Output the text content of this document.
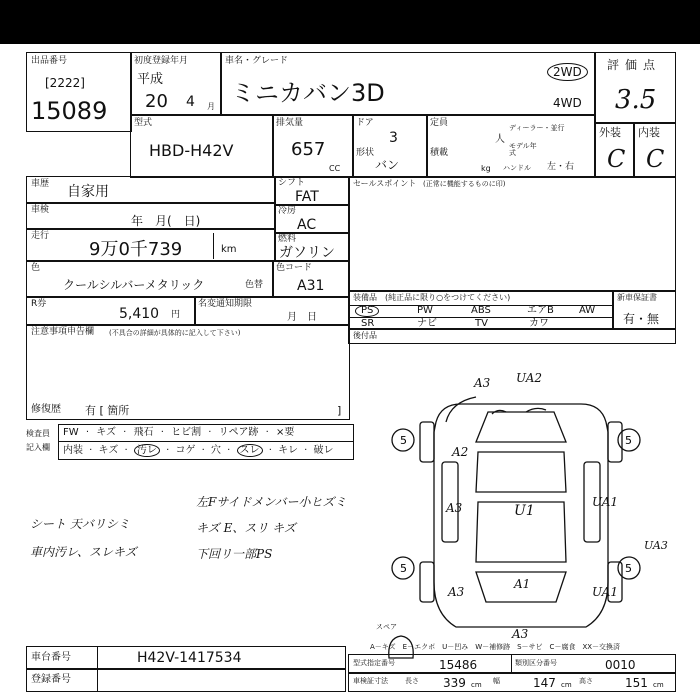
出品番号
[2222]
15089
初度登録年月
平成
20 4 月
車名・グレード
ミニカバン3D
2WD
4WD
評価点
3.5
型式
HBD-H42V
排気量
657
CC
ドア
3
形状
バン
定員
人
ディーラー・並行
積載
モデル年式
kg ハンドル 左・右
外装
C
内装
C
車歴 自家用
車検
年　月(　日)
走行
9万0千739	km
シフト
FAT
冷房
AC
燃料
ガソリン
色
クールシルバーメタリック	色替
色コード
A31
R券
5,410 円
名変通知期限
月　日
注意事項申告欄 (不具合の詳細が具体的に記入して下さい)
修復歴 有 [ 箇所	]
検査員
記入欄
FW · キズ · 飛石 · ヒビ割 · リペア跡 · ×要
内装 · キズ · 汚レ · コゲ · 穴 · スレ · キレ · 破レ
左Fサイドメンバー小ヒズミ
キズ E、スリ キズ
下回リ一部PS
シート 天バリシミ
車内汚レ、スレキズ
セールスポイント (正常に機能するものに印)
装備品 (純正品に限り○をつけてください)
PS	PW	ABS	エアB	AW
SR	ナビ	TV	カワ
新車保証書
有・無
後付品
5	5
5	5
A3 UA2
A2
U1
UA1
A3
A1
UA1
A3
UA3
A3
スペア
A－キズ　E－エクボ　U－凹み　W－補修跡　S－サビ　C－腐食　XX－交換済
車台番号	H42V-1417534
登録番号
型式指定番号	15486	類別区分番号	0010
車検証寸法 長さ 339 cm 幅	147 cm 高さ	151 cm
